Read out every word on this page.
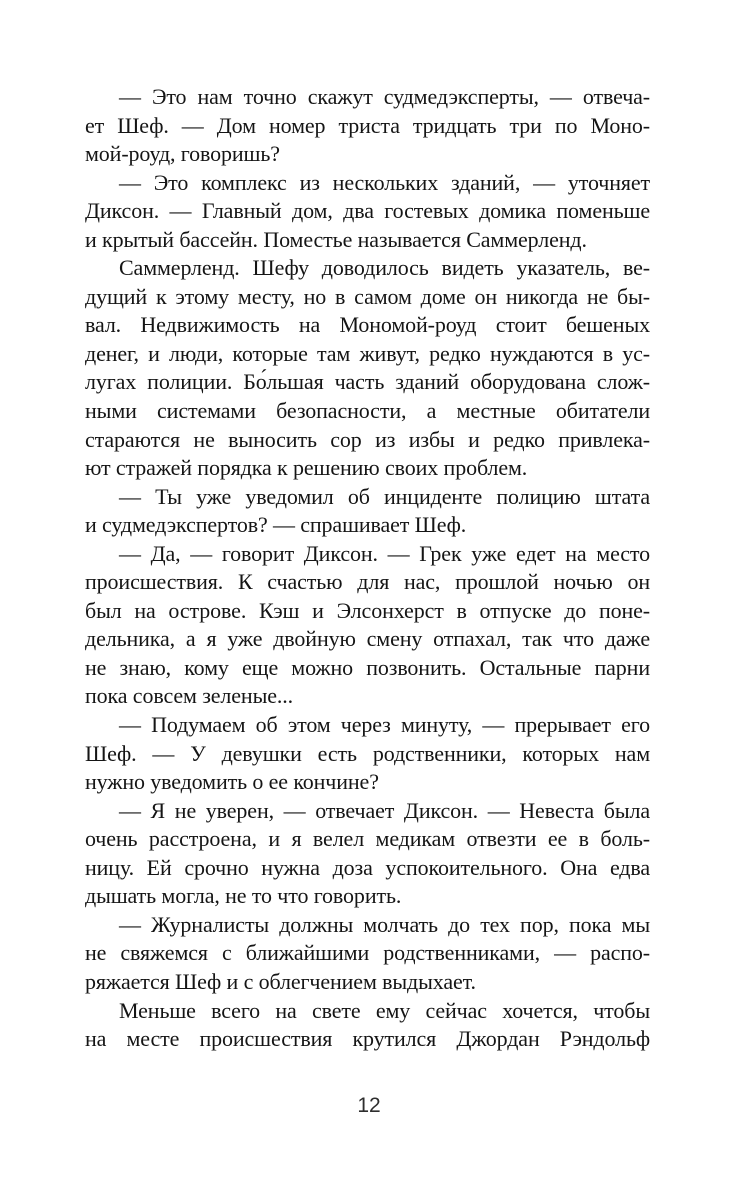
— Это нам точно скажут судмедэксперты, — отвеча-
ет Шеф. — Дом номер триста тридцать три по Моно-
мой-роуд, говоришь?
— Это комплекс из нескольких зданий, — уточняет
Диксон. — Главный дом, два гостевых домика поменьше
и крытый бассейн. Поместье называется Саммерленд.
Саммерленд. Шефу доводилось видеть указатель, ве-
дущий к этому месту, но в самом доме он никогда не бы-
вал. Недвижимость на Мономой-роуд стоит бешеных
денег, и люди, которые там живут, редко нуждаются в ус-
лугах полиции. Бо́льшая часть зданий оборудована слож-
ными системами безопасности, а местные обитатели
стараются не выносить сор из избы и редко привлека-
ют стражей порядка к решению своих проблем.
— Ты уже уведомил об инциденте полицию штата
и судмедэкспертов? — спрашивает Шеф.
— Да, — говорит Диксон. — Грек уже едет на место
происшествия. К счастью для нас, прошлой ночью он
был на острове. Кэш и Элсонхерст в отпуске до поне-
дельника, а я уже двойную смену отпахал, так что даже
не знаю, кому еще можно позвонить. Остальные парни
пока совсем зеленые...
— Подумаем об этом через минуту, — прерывает его
Шеф. — У девушки есть родственники, которых нам
нужно уведомить о ее кончине?
— Я не уверен, — отвечает Диксон. — Невеста была
очень расстроена, и я велел медикам отвезти ее в боль-
ницу. Ей срочно нужна доза успокоительного. Она едва
дышать могла, не то что говорить.
— Журналисты должны молчать до тех пор, пока мы
не свяжемся с ближайшими родственниками, — распо-
ряжается Шеф и с облегчением выдыхает.
Меньше всего на свете ему сейчас хочется, чтобы
на месте происшествия крутился Джордан Рэндольф
12
